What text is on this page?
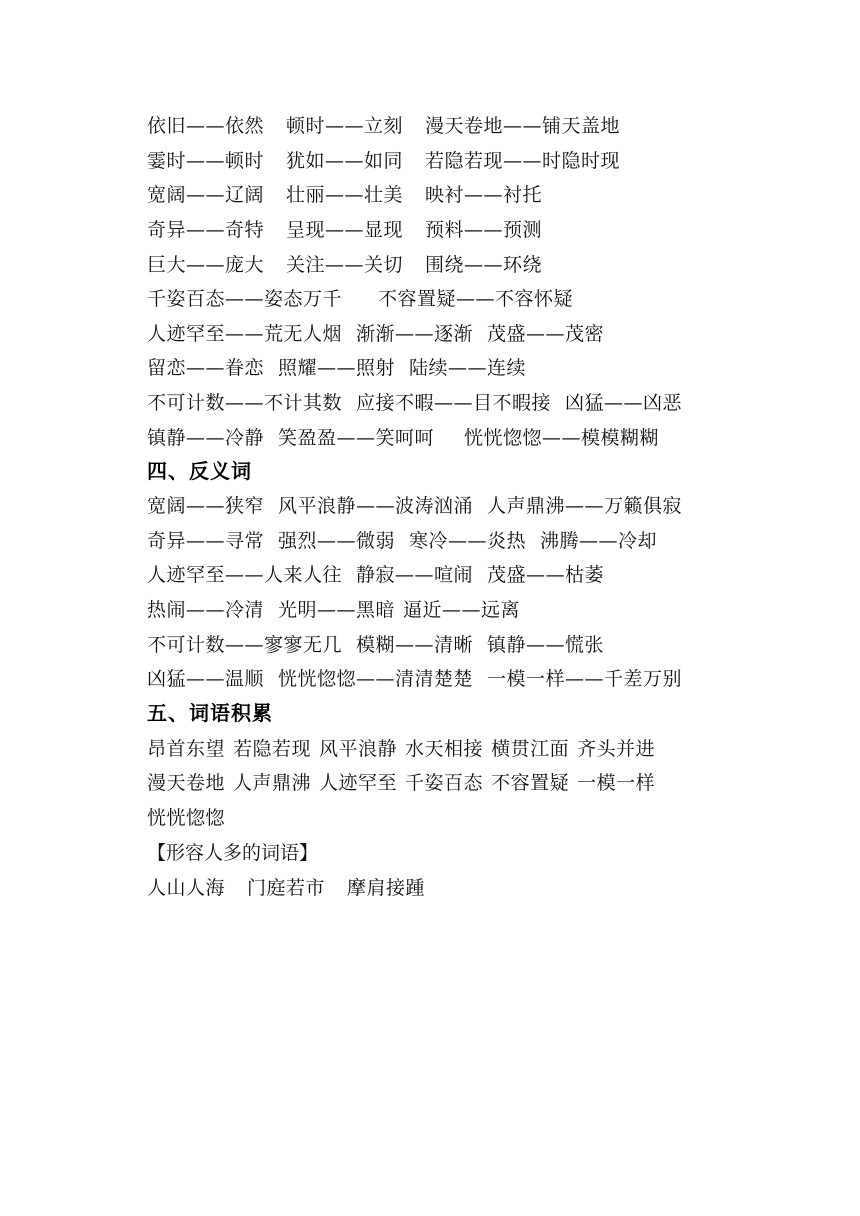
依旧——依然 顿时——立刻 漫天卷地——铺天盖地
霎时——顿时 犹如——如同 若隐若现——时隐时现
宽阔——辽阔 壮丽——壮美 映衬——衬托
奇异——奇特 呈现——显现 预料——预测
巨大——庞大 关注——关切 围绕——环绕
千姿百态——姿态万千 不容置疑——不容怀疑
人迹罕至——荒无人烟 渐渐——逐渐 茂盛——茂密
留恋——眷恋 照耀——照射 陆续——连续
不可计数——不计其数 应接不暇——目不暇接 凶猛——凶恶
镇静——冷静 笑盈盈——笑呵呵 恍恍惚惚——模模糊糊
四、反义词
宽阔——狭窄 风平浪静——波涛汹涌 人声鼎沸——万籁俱寂
奇异——寻常 强烈——微弱 寒冷——炎热 沸腾——冷却
人迹罕至——人来人往 静寂——喧闹 茂盛——枯萎
热闹——冷清 光明——黑暗 逼近——远离
不可计数——寥寥无几 模糊——清晰 镇静——慌张
凶猛——温顺 恍恍惚惚——清清楚楚 一模一样——千差万别
五、词语积累
昂首东望 若隐若现 风平浪静 水天相接 横贯江面 齐头并进
漫天卷地 人声鼎沸 人迹罕至 千姿百态 不容置疑 一模一样
恍恍惚惚
【形容人多的词语】
人山人海 门庭若市 摩肩接踵
